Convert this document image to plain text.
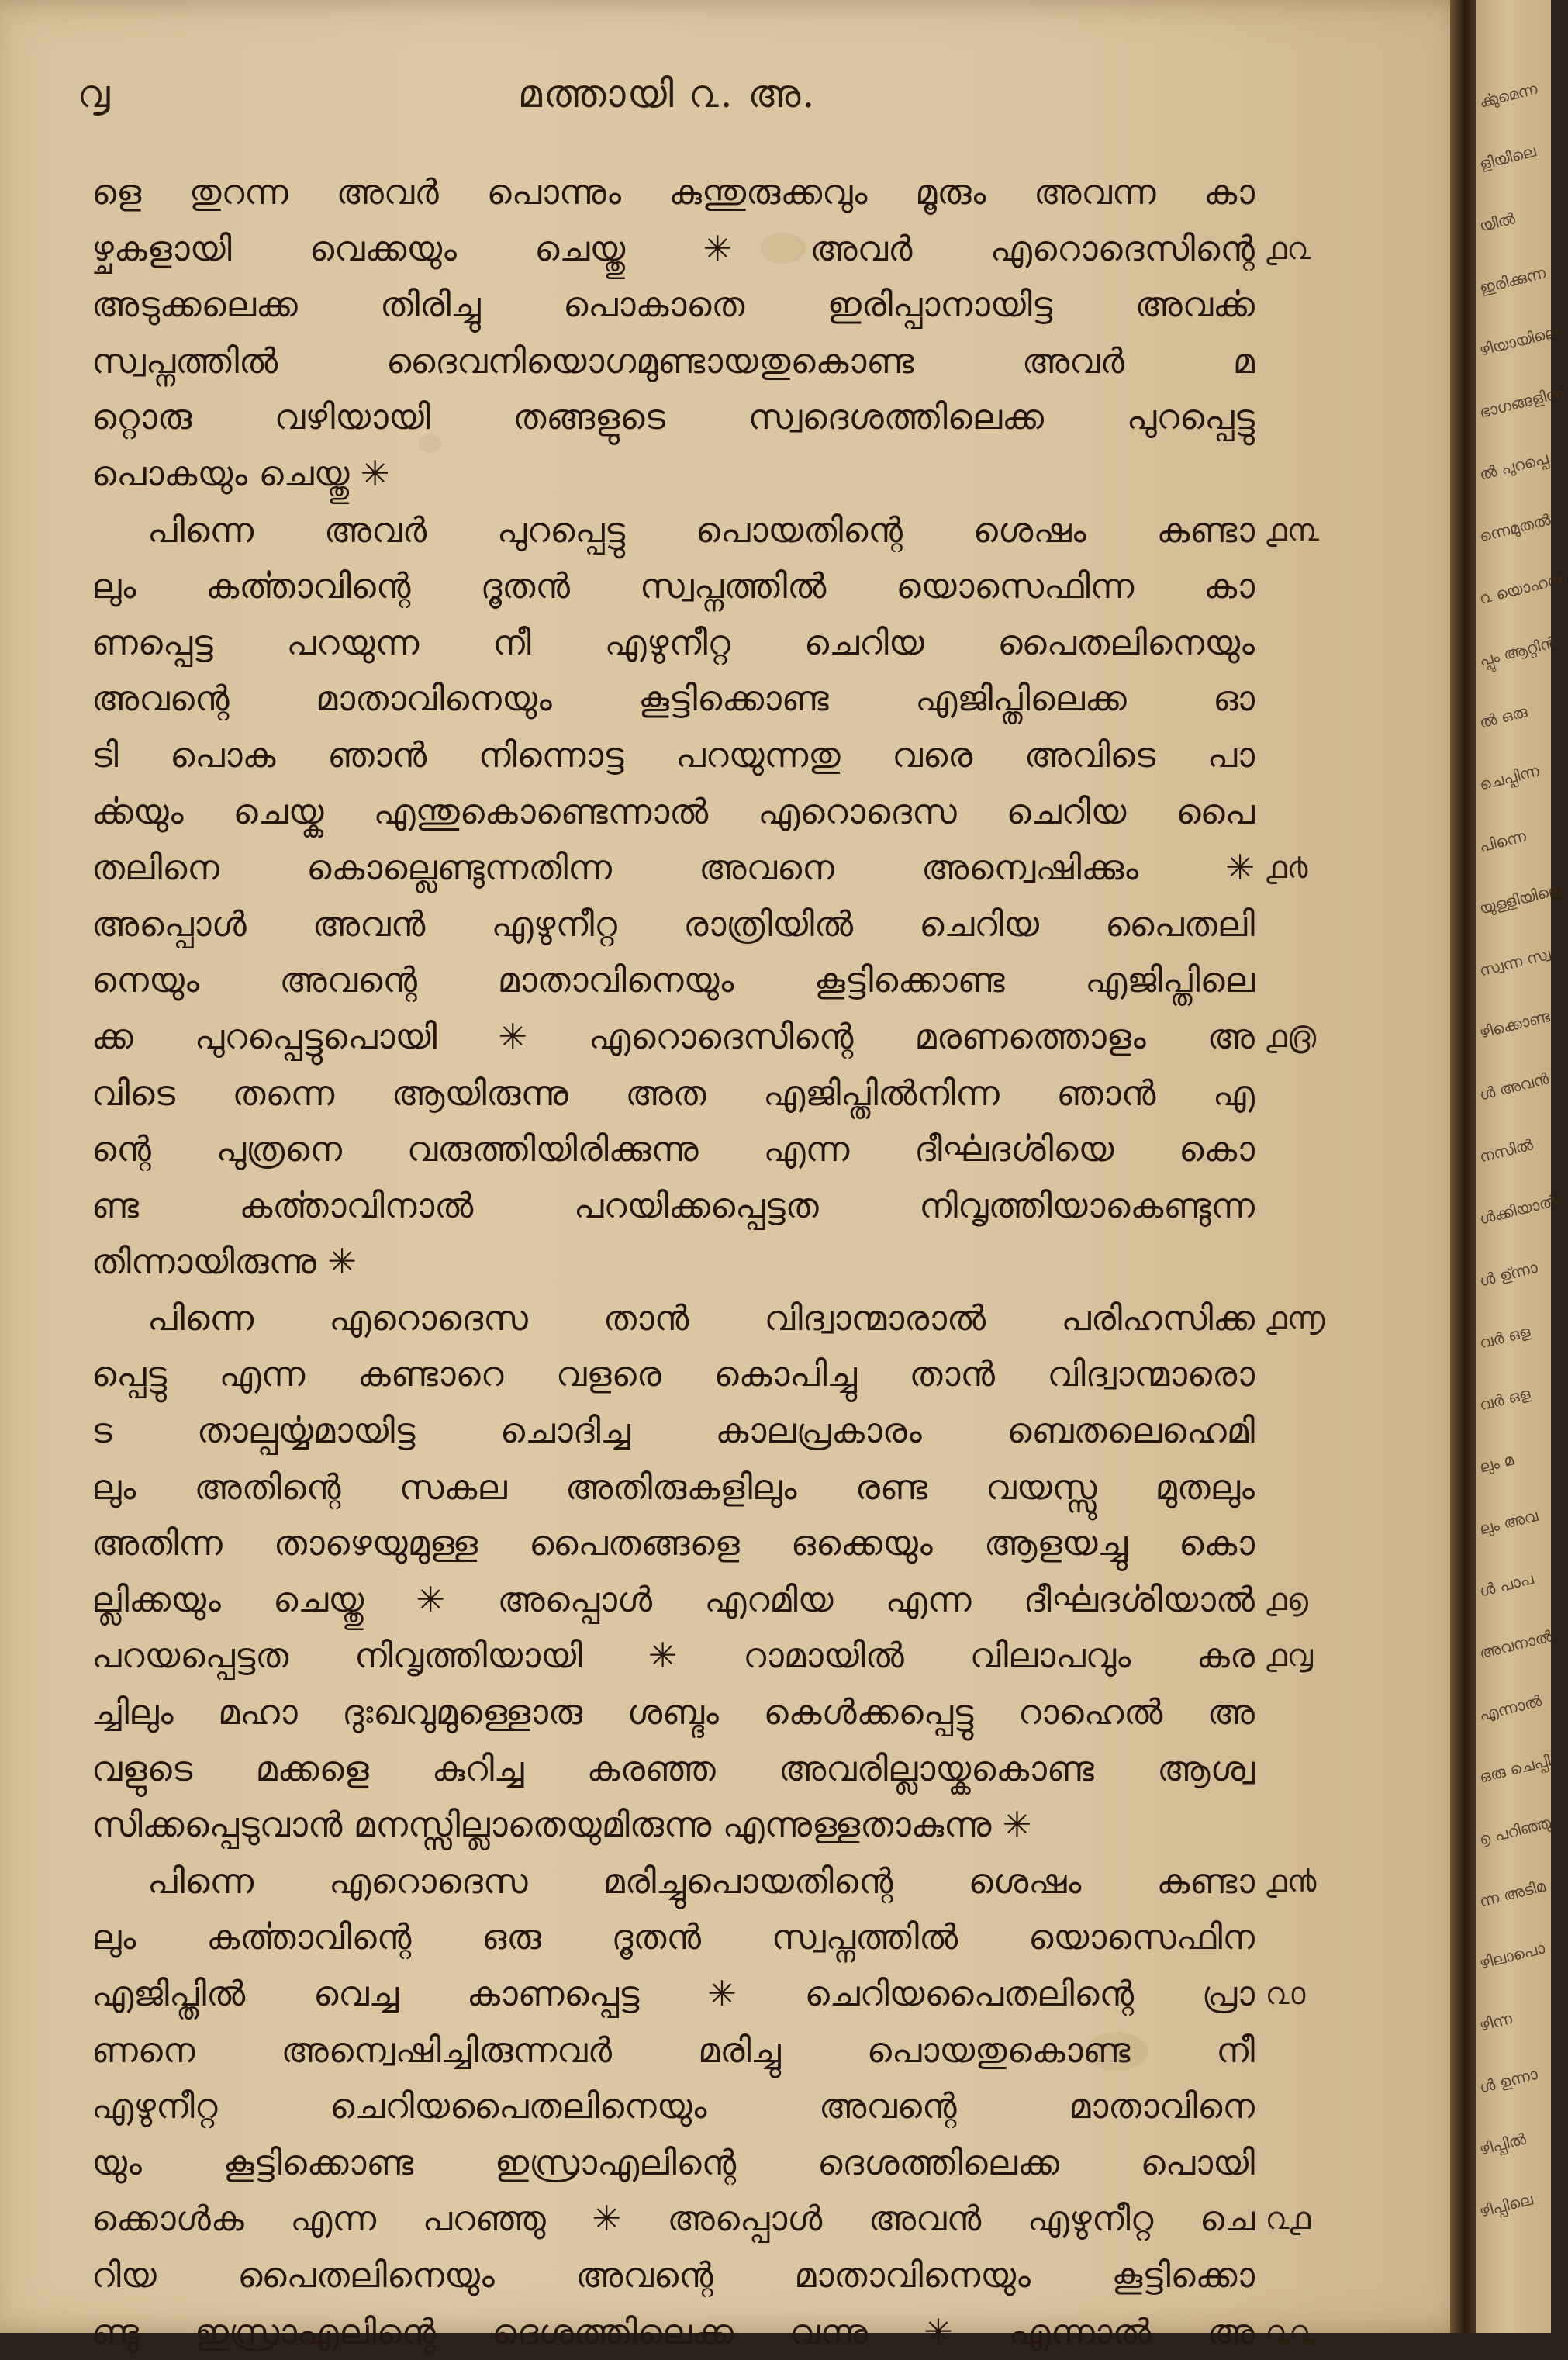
൮	മത്തായി ൨. അ.
ളെ തുറന്ന അവർ പൊന്നും കുന്തുരുക്കവും മൂരും അവന്ന കാ
ഴ്ചകളായി വെക്കയും ചെയ്തു ✳ അവർ എറൊദെസിന്റെ ൧൨
അടുക്കലെക്ക തിരിച്ചു പൊകാതെ ഇരിപ്പാനായിട്ട അവൎക്ക
സ്വപ്നത്തിൽ ദൈവനിയൊഗമുണ്ടായതുകൊണ്ട അവർ മ
റ്റൊരു വഴിയായി തങ്ങളുടെ സ്വദെശത്തിലെക്ക പുറപ്പെട്ടു
പൊകയും ചെയ്തു ✳
പിന്നെ അവർ പുറപ്പെട്ടു പൊയതിന്റെ ശെഷം കണ്ടാ ൧൩
ലും കൎത്താവിന്റെ ദൂതൻ സ്വപ്നത്തിൽ യൊസെഫിന്ന കാ
ണപ്പെട്ട പറയുന്ന നീ എഴുനീറ്റ ചെറിയ പൈതലിനെയും
അവന്റെ മാതാവിനെയും കൂട്ടിക്കൊണ്ട എജിപ്തിലെക്ക ഓ
ടി പൊക ഞാൻ നിന്നൊട്ട പറയുന്നതു വരെ അവിടെ പാ
ൎക്കയും ചെയ്ക എന്തുകൊണ്ടെന്നാൽ എറൊദെസ ചെറിയ പൈ
തലിനെ കൊല്ലെണ്ടുന്നതിന്ന അവനെ അന്വെഷിക്കും ✳ ൧൪
അപ്പൊൾ അവൻ എഴുനീറ്റ രാത്രിയിൽ ചെറിയ പൈതലി
നെയും അവന്റെ മാതാവിനെയും കൂട്ടിക്കൊണ്ട എജിപ്തിലെ
ക്ക പുറപ്പെട്ടുപൊയി ✳ എറൊദെസിന്റെ മരണത്തൊളം അ ൧൫
വിടെ തന്നെ ആയിരുന്നു അത എജിപ്തിൽനിന്ന ഞാൻ എ
ന്റെ പുത്രനെ വരുത്തിയിരിക്കുന്നു എന്ന ദീൎഘദൎശിയെ കൊ
ണ്ട കൎത്താവിനാൽ പറയിക്കപ്പെട്ടത നിവൃത്തിയാകെണ്ടുന്ന
തിന്നായിരുന്നു ✳
പിന്നെ എറൊദെസ താൻ വിദ്വാന്മാരാൽ പരിഹസിക്ക ൧൬
പ്പെട്ടു എന്ന കണ്ടാറെ വളരെ കൊപിച്ചു താൻ വിദ്വാന്മാരൊ
ട താല്പൎയ്യമായിട്ട ചൊദിച്ച കാലപ്രകാരം ബെതലെഹെമി
ലും അതിന്റെ സകല അതിരുകളിലും രണ്ട വയസ്സു മുതലും
അതിന്ന താഴെയുമുള്ള പൈതങ്ങളെ ഒക്കെയും ആളയച്ചു കൊ
ല്ലിക്കയും ചെയ്തു ✳ അപ്പൊൾ എറമിയ എന്ന ദീൎഘദൎശിയാൽ ൧൭
പറയപ്പെട്ടത നിവൃത്തിയായി ✳ റാമായിൽ വിലാപവും കര ൧൮
ച്ചിലും മഹാ ദുഃഖവുമുള്ളൊരു ശബ്ദം കെൾക്കപ്പെട്ടു റാഹെൽ അ
വളുടെ മക്കളെ കുറിച്ച കരഞ്ഞ അവരില്ലായ്കകൊണ്ട ആശ്വ
സിക്കപ്പെടുവാൻ മനസ്സില്ലാതെയുമിരുന്നു എന്നുള്ളതാകുന്നു ✳
പിന്നെ എറൊദെസ മരിച്ചുപൊയതിന്റെ ശെഷം കണ്ടാ ൧൯
ലും കൎത്താവിന്റെ ഒരു ദൂതൻ സ്വപ്നത്തിൽ യൊസെഫിന
എജിപ്തിൽ വെച്ച കാണപ്പെട്ട ✳ ചെറിയപൈതലിന്റെ പ്രാ ൨൦
ണനെ അന്വെഷിച്ചിരുന്നവർ മരിച്ചു പൊയതുകൊണ്ട നീ
എഴുനീറ്റ ചെറിയപൈതലിനെയും അവന്റെ മാതാവിനെ
യും കൂട്ടിക്കൊണ്ട ഇസ്രാഎലിന്റെ ദെശത്തിലെക്ക പൊയി
ക്കൊൾക എന്ന പറഞ്ഞു ✳ അപ്പൊൾ അവൻ എഴുനീറ്റ ചെ ൨൧
റിയ പൈതലിനെയും അവന്റെ മാതാവിനെയും കൂട്ടിക്കൊ
ണ്ടു ഇസ്രാഎലിന്റെ ദെശത്തിലെക്ക വന്നു ✳ എന്നാൽ അ ൨൨
ൎക്കുമെന്ന
ളിയിലെ
യിൽ
ഇരിക്കുന്ന
ഴിയായിലെ
ഭാഗങ്ങളിൽ
ൽ പുറപ്പെ
ന്നെമുതൽ
൨ യൊഹന്ന
പ്പും ആറ്റിൻ
ൽ ഒരു
ചെപ്പിന്ന
പിന്നെ
യുള്ളിയിലെ
സ്വന്ന സ്വ
ഴിക്കൊണ്ട
ൾ അവൻ
നസിൽ
ൾക്കിയാൽ
ൾ ഉ്ന്നാ
വർ ഒള
വർ ഒള
ലും മ
ലും അവ
ൾ പാപ
അവനാൽ
എന്നാൽ
ഒരു ചെപ്പി
൭ പറിഞ്ഞു
ന്ന അടിമ
ഴിലാപൊ
ഴിന്ന
ൾ ഉന്നാ
ഴിപ്പിൽ
ഴിപ്പിലെ
